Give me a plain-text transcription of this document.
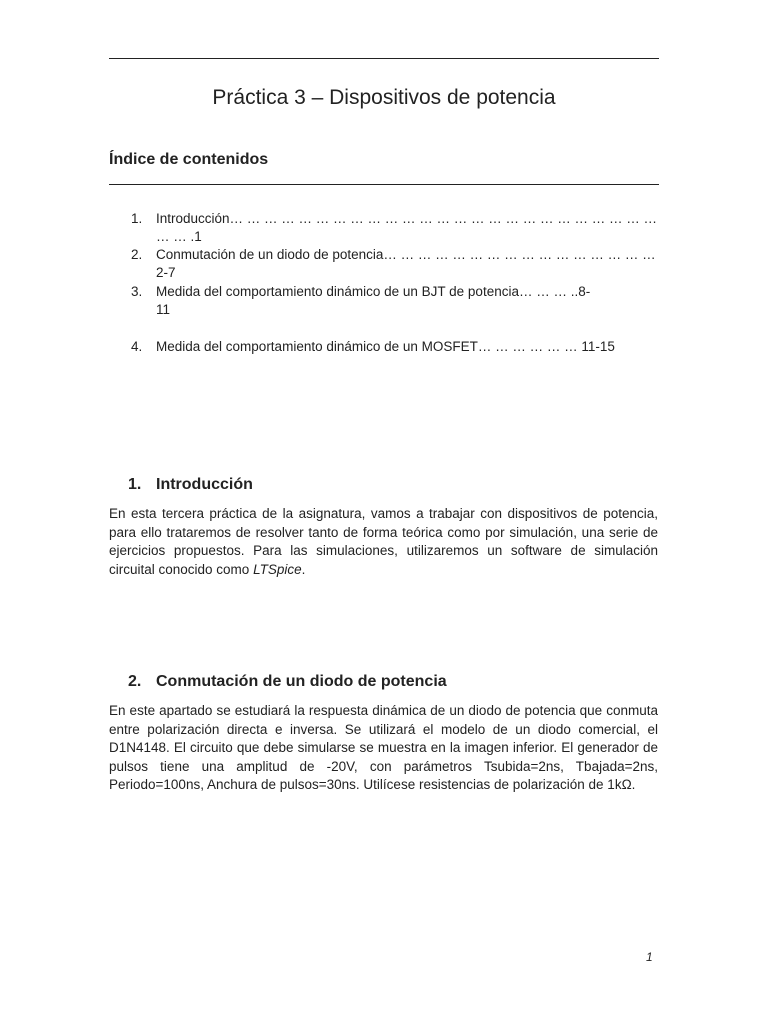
Práctica 3 – Dispositivos de potencia
Índice de contenidos
1. Introducción… … … … … … … … … … … … … … … … … … … … … … … … … … … .1
2. Conmutación de un diodo de potencia… … … … … … … … … … … … … … … …2-7
3. Medida del comportamiento dinámico de un BJT de potencia… … … ..8-
11
4. Medida del comportamiento dinámico de un MOSFET… … … … … … 11-15
1. Introducción

En esta tercera práctica de la asignatura, vamos a trabajar con dispositivos de potencia, para ello trataremos de resolver tanto de forma teórica como por simulación, una serie de ejercicios propuestos. Para las simulaciones, utilizaremos un software de simulación circuital conocido como LTSpice.

2. Conmutación de un diodo de potencia

En este apartado se estudiará la respuesta dinámica de un diodo de potencia que conmuta entre polarización directa e inversa. Se utilizará el modelo de un diodo comercial, el D1N4148. El circuito que debe simularse se muestra en la imagen inferior. El generador de pulsos tiene una amplitud de -20V, con parámetros Tsubida=2ns, Tbajada=2ns, Periodo=100ns, Anchura de pulsos=30ns. Utilícese resistencias de polarización de 1kΩ.

1
